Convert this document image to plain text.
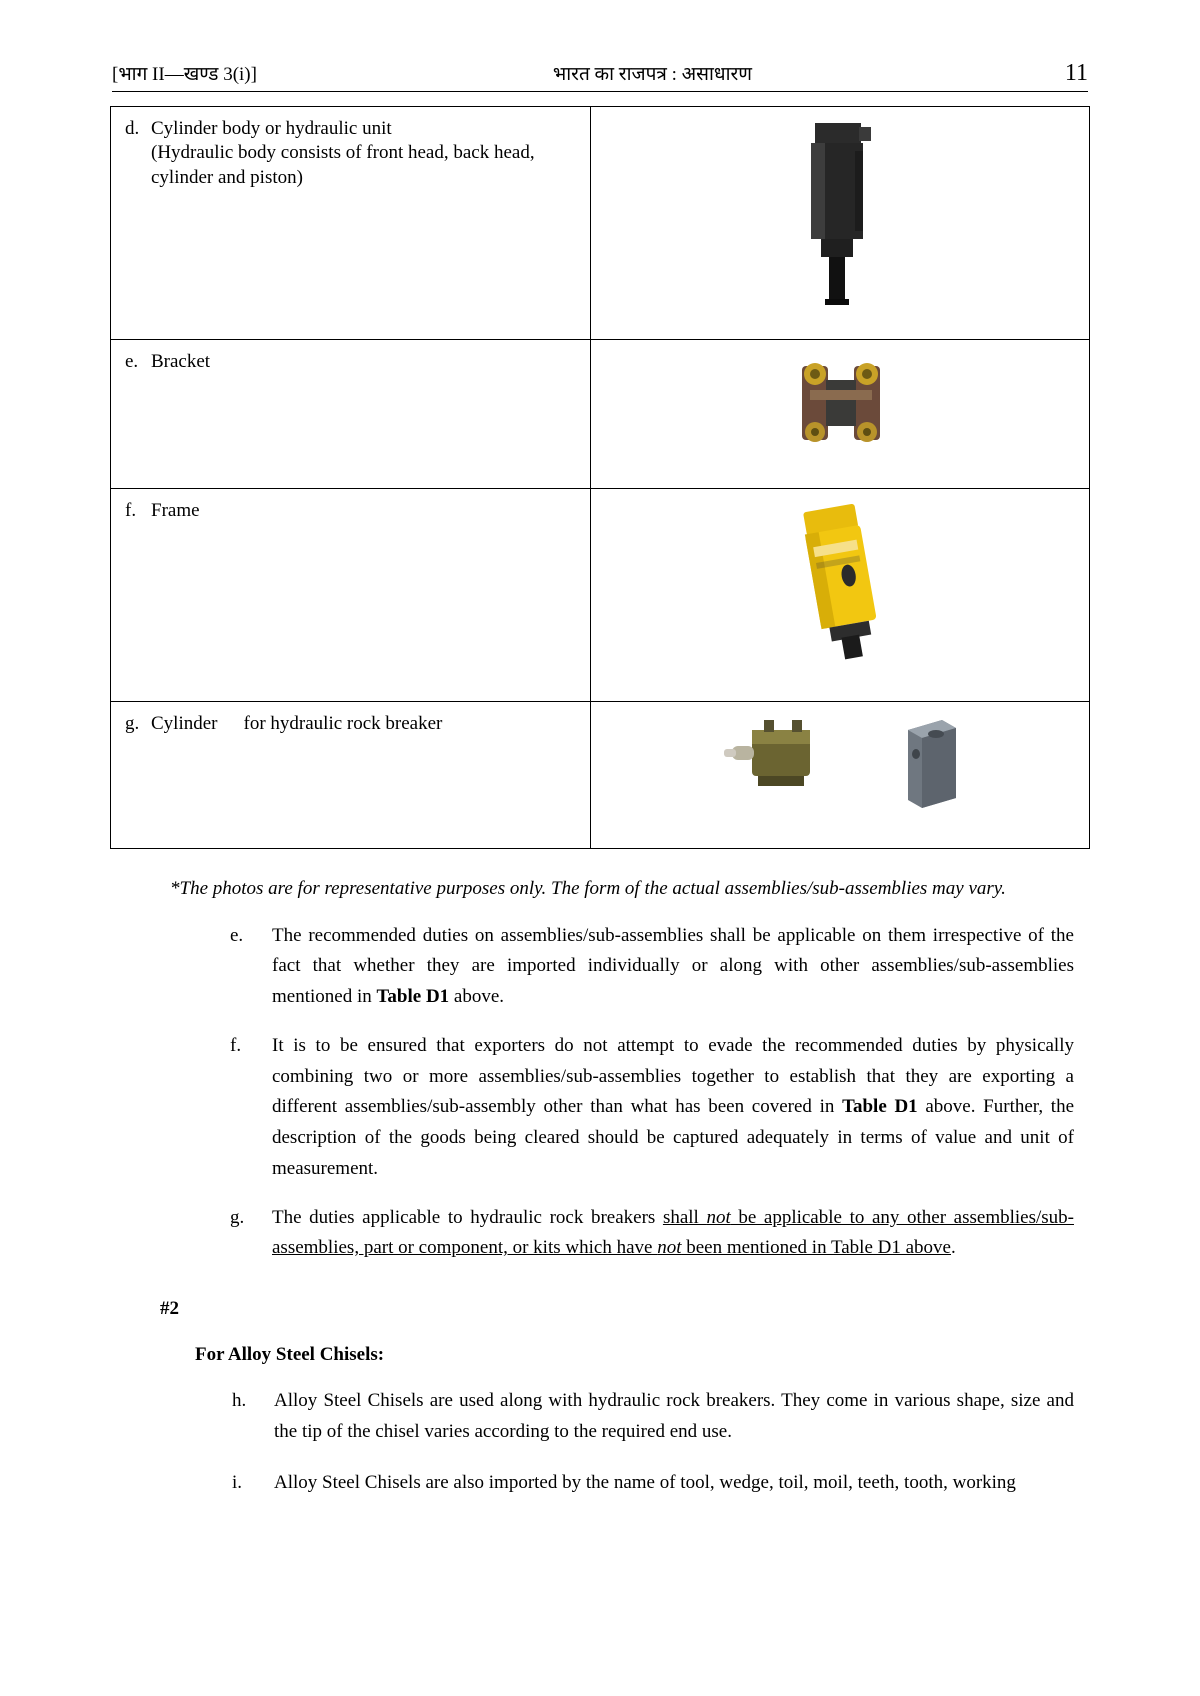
[भाग II—खण्ड 3(i)]	भारत का राजपत्र : असाधारण	11
d. Cylinder body or hydraulic unit
(Hydraulic body consists of front head, back head,
cylinder and piston)

e. Bracket	
f. Frame	
g. Cylinder for hydraulic rock breaker	
*The photos are for representative purposes only. The form of the actual assemblies/sub-assemblies may vary.
e.	The recommended duties on assemblies/sub-assemblies shall be applicable on them irrespective of the fact that whether they are imported individually or along with other assemblies/sub-assemblies mentioned in Table D1 above.
f.	It is to be ensured that exporters do not attempt to evade the recommended duties by physically combining two or more assemblies/sub-assemblies together to establish that they are exporting a different assemblies/sub-assembly other than what has been covered in Table D1 above. Further, the description of the goods being cleared should be captured adequately in terms of value and unit of measurement.
g.	The duties applicable to hydraulic rock breakers shall not be applicable to any other assemblies/sub-assemblies, part or component, or kits which have not been mentioned in Table D1 above.
#2
For Alloy Steel Chisels:
h.	Alloy Steel Chisels are used along with hydraulic rock breakers. They come in various shape, size and the tip of the chisel varies according to the required end use.
i.	Alloy Steel Chisels are also imported by the name of tool, wedge, toil, moil, teeth, tooth, working
